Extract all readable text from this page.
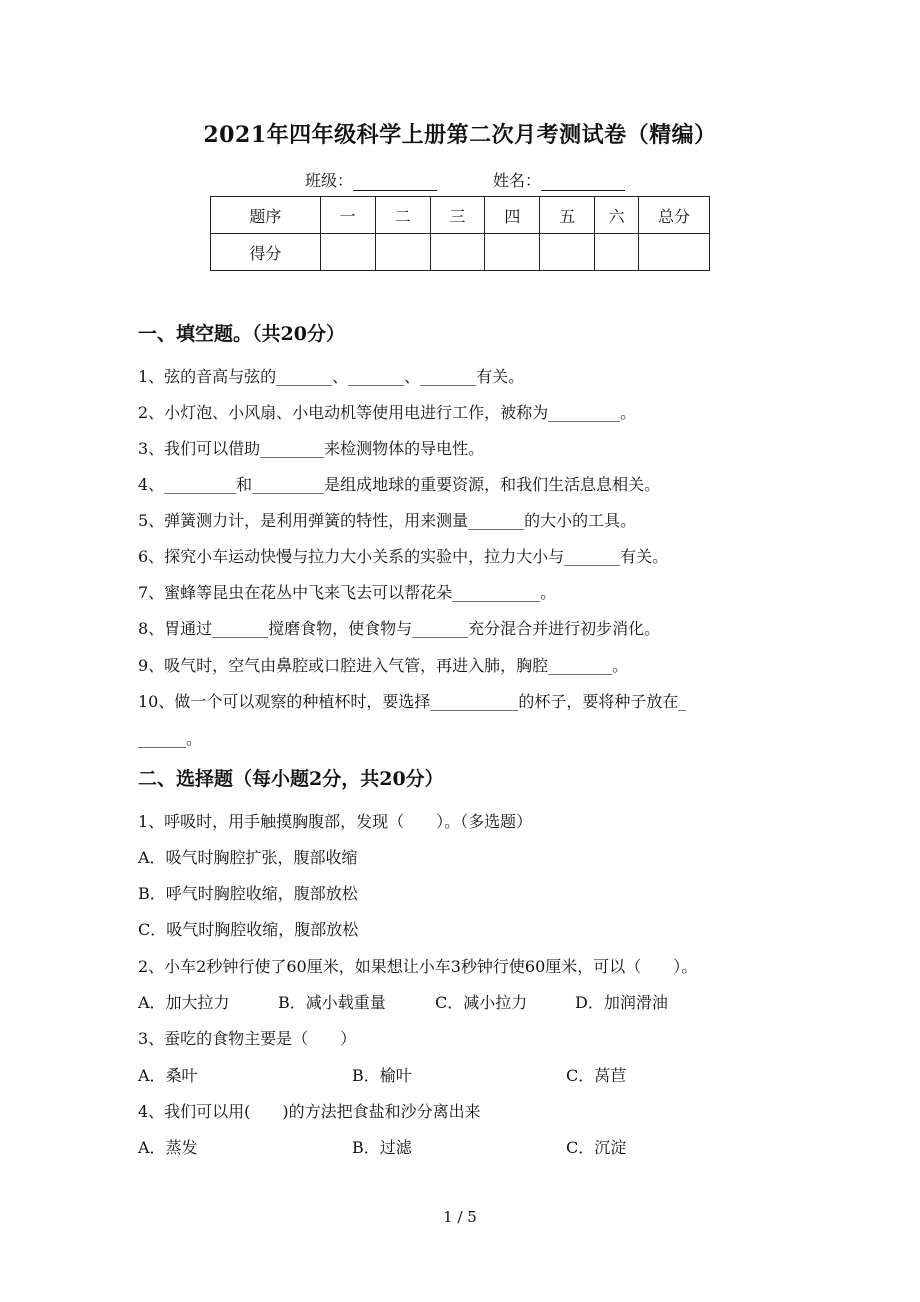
2021年四年级科学上册第二次月考测试卷（精编）
班级：	姓名：
题序	一	二	三	四	五	六	总分
得分							
一、填空题。（共20分）
1、弦的音高与弦的_______、_______、_______有关。
2、小灯泡、小风扇、小电动机等使用电进行工作，被称为_________。
3、我们可以借助________来检测物体的导电性。
4、_________和_________是组成地球的重要资源，和我们生活息息相关。
5、弹簧测力计，是利用弹簧的特性，用来测量_______的大小的工具。
6、探究小车运动快慢与拉力大小关系的实验中，拉力大小与_______有关。
7、蜜蜂等昆虫在花丛中飞来飞去可以帮花朵___________。
8、胃通过_______搅磨食物，使食物与_______充分混合并进行初步消化。
9、吸气时，空气由鼻腔或口腔进入气管，再进入肺，胸腔________。
10、做一个可以观察的种植杯时，要选择___________的杯子，要将种子放在_
______。
二、选择题（每小题2分，共20分）
1、呼吸时，用手触摸胸腹部，发现（　　）。（多选题）
A．吸气时胸腔扩张，腹部收缩
B．呼气时胸腔收缩，腹部放松
C．吸气时胸腔收缩，腹部放松
2、小车2秒钟行使了60厘米，如果想让小车3秒钟行使60厘米，可以（　　）。
A．加大拉力	B．减小载重量	C．减小拉力	D．加润滑油
3、蚕吃的食物主要是（　　）
A．桑叶	B．榆叶	C．莴苣
4、我们可以用(　　)的方法把食盐和沙分离出来
A．蒸发	B．过滤	C．沉淀
1 / 5
